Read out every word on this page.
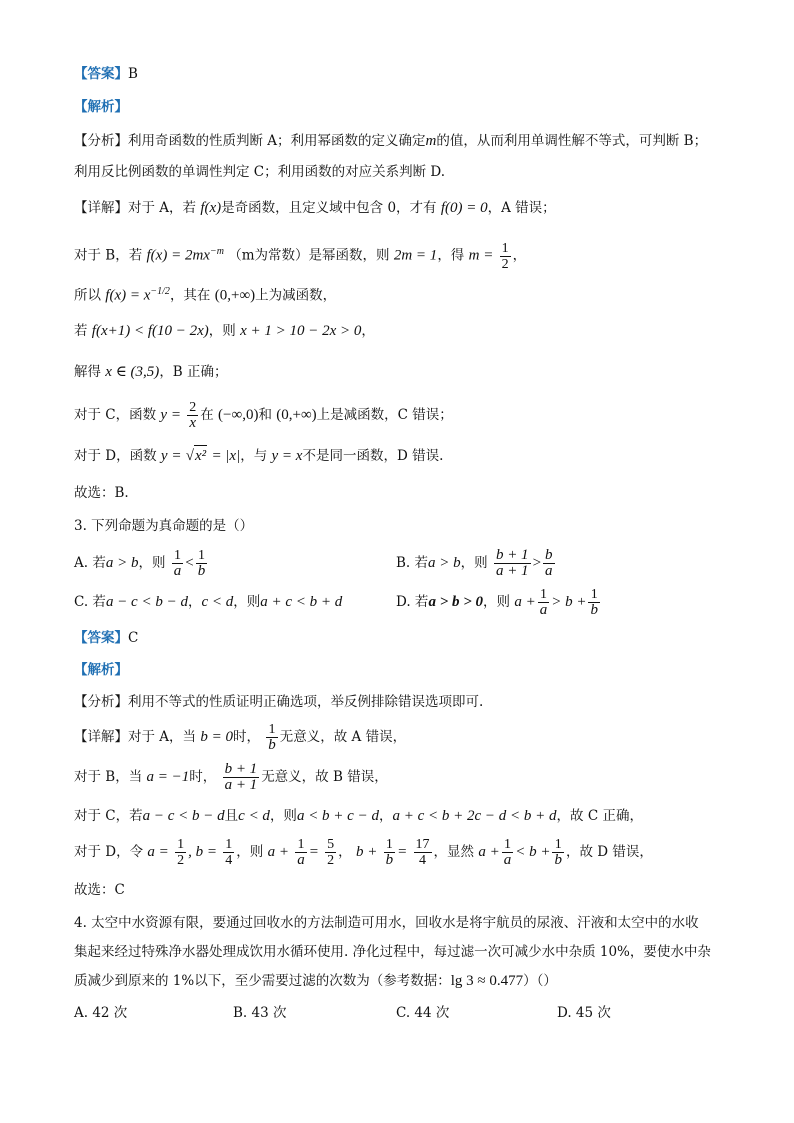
【答案】B
【解析】
【分析】利用奇函数的性质判断 A；利用幂函数的定义确定m的值，从而利用单调性解不等式，可判断 B；
利用反比例函数的单调性判定 C；利用函数的对应关系判断 D.
【详解】对于 A，若 f(x)是奇函数，且定义域中包含 0，才有 f(0) = 0，A 错误；
对于 B，若 $f(x) = 2mx^{-m}$ （m为常数）是幂函数，则 2m = 1，得 $m = \frac{1}{2}$ ，
所以 $f(x) = x^{-1/2}$，其在 (0,+∞)上为减函数，
若 f(x+1) < f(10 − 2x)，则 x + 1 > 10 − 2x > 0，
解得 x ∈ (3,5)，B 正确；
对于 C，函数 $y = \frac{2}{x}$ 在 (−∞,0)和 (0,+∞)上是减函数，C 错误；
对于 D，函数 y = √x² = |x|，与 y = x不是同一函数，D 错误.
故选：B.
3. 下列命题为真命题的是（）
A. 若a > b，则 $\frac{1}{a} < \frac{1}{b}$	B. 若a > b，则 $\frac{b + 1}{a + 1} > \frac{b}{a}$
C. 若a − c < b − d，c < d，则a + c < b + d	D. 若a > b > 0，则 $a + \frac{1}{a} > b + \frac{1}{b}$
【答案】C
【解析】
【分析】利用不等式的性质证明正确选项，举反例排除错误选项即可.
【详解】对于 A，当 b = 0时， $\frac{1}{b}$ 无意义，故 A 错误，
对于 B，当 a = −1时， $\frac{b + 1}{a + 1}$ 无意义，故 B 错误，
对于 C，若a − c < b − d且c < d，则a < b + c − d，a + c < b + 2c − d < b + d，故 C 正确，
对于 D，令 $a = \frac{1}{2}$ , $b = \frac{1}{4}$ ，则 $a + \frac{1}{a} = \frac{5}{2}$ ， $b + \frac{1}{b} = \frac{17}{4}$ ，显然 $a + \frac{1}{a} < b + \frac{1}{b}$ ，故 D 错误，
故选：C
4. 太空中水资源有限，要通过回收水的方法制造可用水，回收水是将宇航员的尿液、汗液和太空中的水收
集起来经过特殊净水器处理成饮用水循环使用. 净化过程中，每过滤一次可减少水中杂质 10%，要使水中杂
质减少到原来的 1%以下，至少需要过滤的次数为（参考数据：lg 3 ≈ 0.477）（）
A. 42 次	B. 43 次	C. 44 次	D. 45 次
